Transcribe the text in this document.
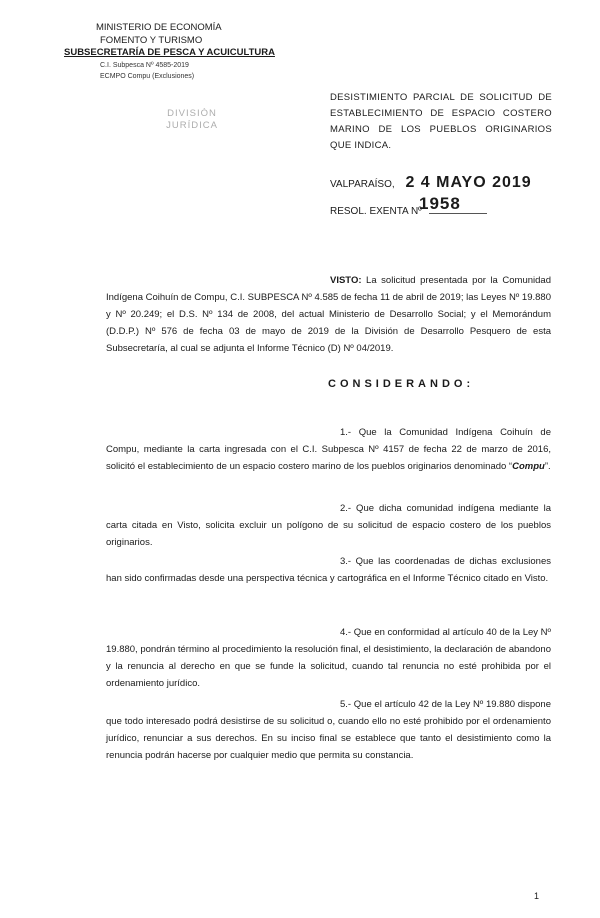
MINISTERIO DE ECONOMÍA
FOMENTO Y TURISMO
SUBSECRETARÍA DE PESCA Y ACUICULTURA
C.I. Subpesca Nº 4585-2019
ECMPO Compu (Exclusiones)
DIVISIÓN
JURÍDICA
DESISTIMIENTO PARCIAL DE SOLICITUD DE ESTABLECIMIENTO DE ESPACIO COSTERO MARINO DE LOS PUEBLOS ORIGINARIOS QUE INDICA.
VALPARAÍSO, 2 4 MAYO 2019
RESOL. EXENTA Nº
1958
VISTO: La solicitud presentada por la Comunidad Indígena Coihuín de Compu, C.I. SUBPESCA Nº 4.585 de fecha 11 de abril de 2019; las Leyes Nº 19.880 y Nº 20.249; el D.S. Nº 134 de 2008, del actual Ministerio de Desarrollo Social; y el Memorándum (D.D.P.) Nº 576 de fecha 03 de mayo de 2019 de la División de Desarrollo Pesquero de esta Subsecretaría, al cual se adjunta el Informe Técnico (D) Nº 04/2019.
CONSIDERANDO:
1.- Que la Comunidad Indígena Coihuín de Compu, mediante la carta ingresada con el C.I. Subpesca Nº 4157 de fecha 22 de marzo de 2016, solicitó el establecimiento de un espacio costero marino de los pueblos originarios denominado “Compu”.
2.- Que dicha comunidad indígena mediante la carta citada en Visto, solicita excluir un polígono de su solicitud de espacio costero de los pueblos originarios.
3.- Que las coordenadas de dichas exclusiones han sido confirmadas desde una perspectiva técnica y cartográfica en el Informe Técnico citado en Visto.
4.- Que en conformidad al artículo 40 de la Ley Nº 19.880, pondrán término al procedimiento la resolución final, el desistimiento, la declaración de abandono y la renuncia al derecho en que se funde la solicitud, cuando tal renuncia no esté prohibida por el ordenamiento jurídico.
5.- Que el artículo 42 de la Ley Nº 19.880 dispone que todo interesado podrá desistirse de su solicitud o, cuando ello no esté prohibido por el ordenamiento jurídico, renunciar a sus derechos. En su inciso final se establece que tanto el desistimiento como la renuncia podrán hacerse por cualquier medio que permita su constancia.
1
